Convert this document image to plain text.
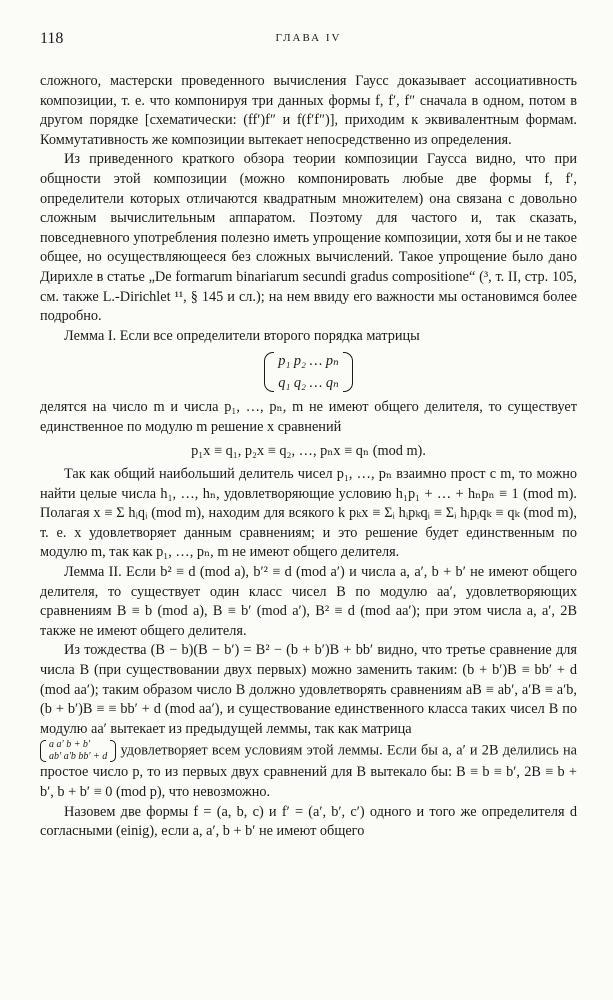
118	ГЛАВА IV

сложного, мастерски проведенного вычисления Гаусс доказывает ассоциативность композиции, т. е. что компонируя три данных формы f, f′, f″ сначала в одном, потом в другом порядке [схематически: (ff′)f″ и f(f′f″)], приходим к эквивалентным формам. Коммутативность же композиции вытекает непосредственно из определения.

Из приведенного краткого обзора теории композиции Гаусса видно, что при общности этой композиции (можно компонировать любые две формы f, f′, определители которых отличаются квадратным множителем) она связана с довольно сложным вычислительным аппаратом. Поэтому для частого и, так сказать, повседневного употребления полезно иметь упрощение композиции, хотя бы и не такое общее, но осуществляющееся без сложных вычислений. Такое упрощение было дано Дирихле в статье „De formarum binariarum secundi gradus compositione“ (³, т. II, стр. 105, см. также L.-Dirichlet ¹¹, § 145 и сл.); на нем ввиду его важности мы остановимся более подробно.

Лемма I. Если все определители второго порядка матрицы

p₁ p₂ … pₙ
q₁ q₂ … qₙ

делятся на число m и числа p₁, …, pₙ, m не имеют общего делителя, то существует единственное по модулю m решение x сравнений

p₁x ≡ q₁, p₂x ≡ q₂, …, pₙx ≡ qₙ (mod m).

Так как общий наибольший делитель чисел p₁, …, pₙ взаимно прост с m, то можно найти целые числа h₁, …, hₙ, удовлетворяющие условию h₁p₁ + … + hₙpₙ ≡ 1 (mod m). Полагая x ≡ Σ hᵢqᵢ (mod m), находим для всякого k pₖx ≡ Σᵢ hᵢpₖqᵢ ≡ Σᵢ hᵢpᵢqₖ ≡ qₖ (mod m), т. е. x удовлетворяет данным сравнениям; и это решение будет единственным по модулю m, так как p₁, …, pₙ, m не имеют общего делителя.

Лемма II. Если b² ≡ d (mod a), b′² ≡ d (mod a′) и числа a, a′, b + b′ не имеют общего делителя, то существует один класс чисел B по модулю aa′, удовлетворяющих сравнениям B ≡ b (mod a), B ≡ b′ (mod a′), B² ≡ d (mod aa′); при этом числа a, a′, 2B также не имеют общего делителя.

Из тождества (B − b)(B − b′) = B² − (b + b′)B + bb′ видно, что третье сравнение для числа B (при существовании двух первых) можно заменить таким: (b + b′)B ≡ bb′ + d (mod aa′); таким образом число B должно удовлетворять сравнениям aB ≡ ab′, a′B ≡ a′b, (b + b′)B ≡ ≡ bb′ + d (mod aa′), и существование единственного класса таких чисел B по модулю aa′ вытекает из предыдущей леммы, так как матрица

a a′ b + b′
ab′ a′b bb′ + d удовлетворяет всем условиям этой леммы. Если бы a, a′ и 2B делились на простое число p, то из первых двух сравнений для B вытекало бы: B ≡ b ≡ b′, 2B ≡ b + b′, b + b′ ≡ 0 (mod p), что невозможно.

Назовем две формы f = (a, b, c) и f′ = (a′, b′, c′) одного и того же определителя d согласными (einig), если a, a′, b + b′ не имеют общего
